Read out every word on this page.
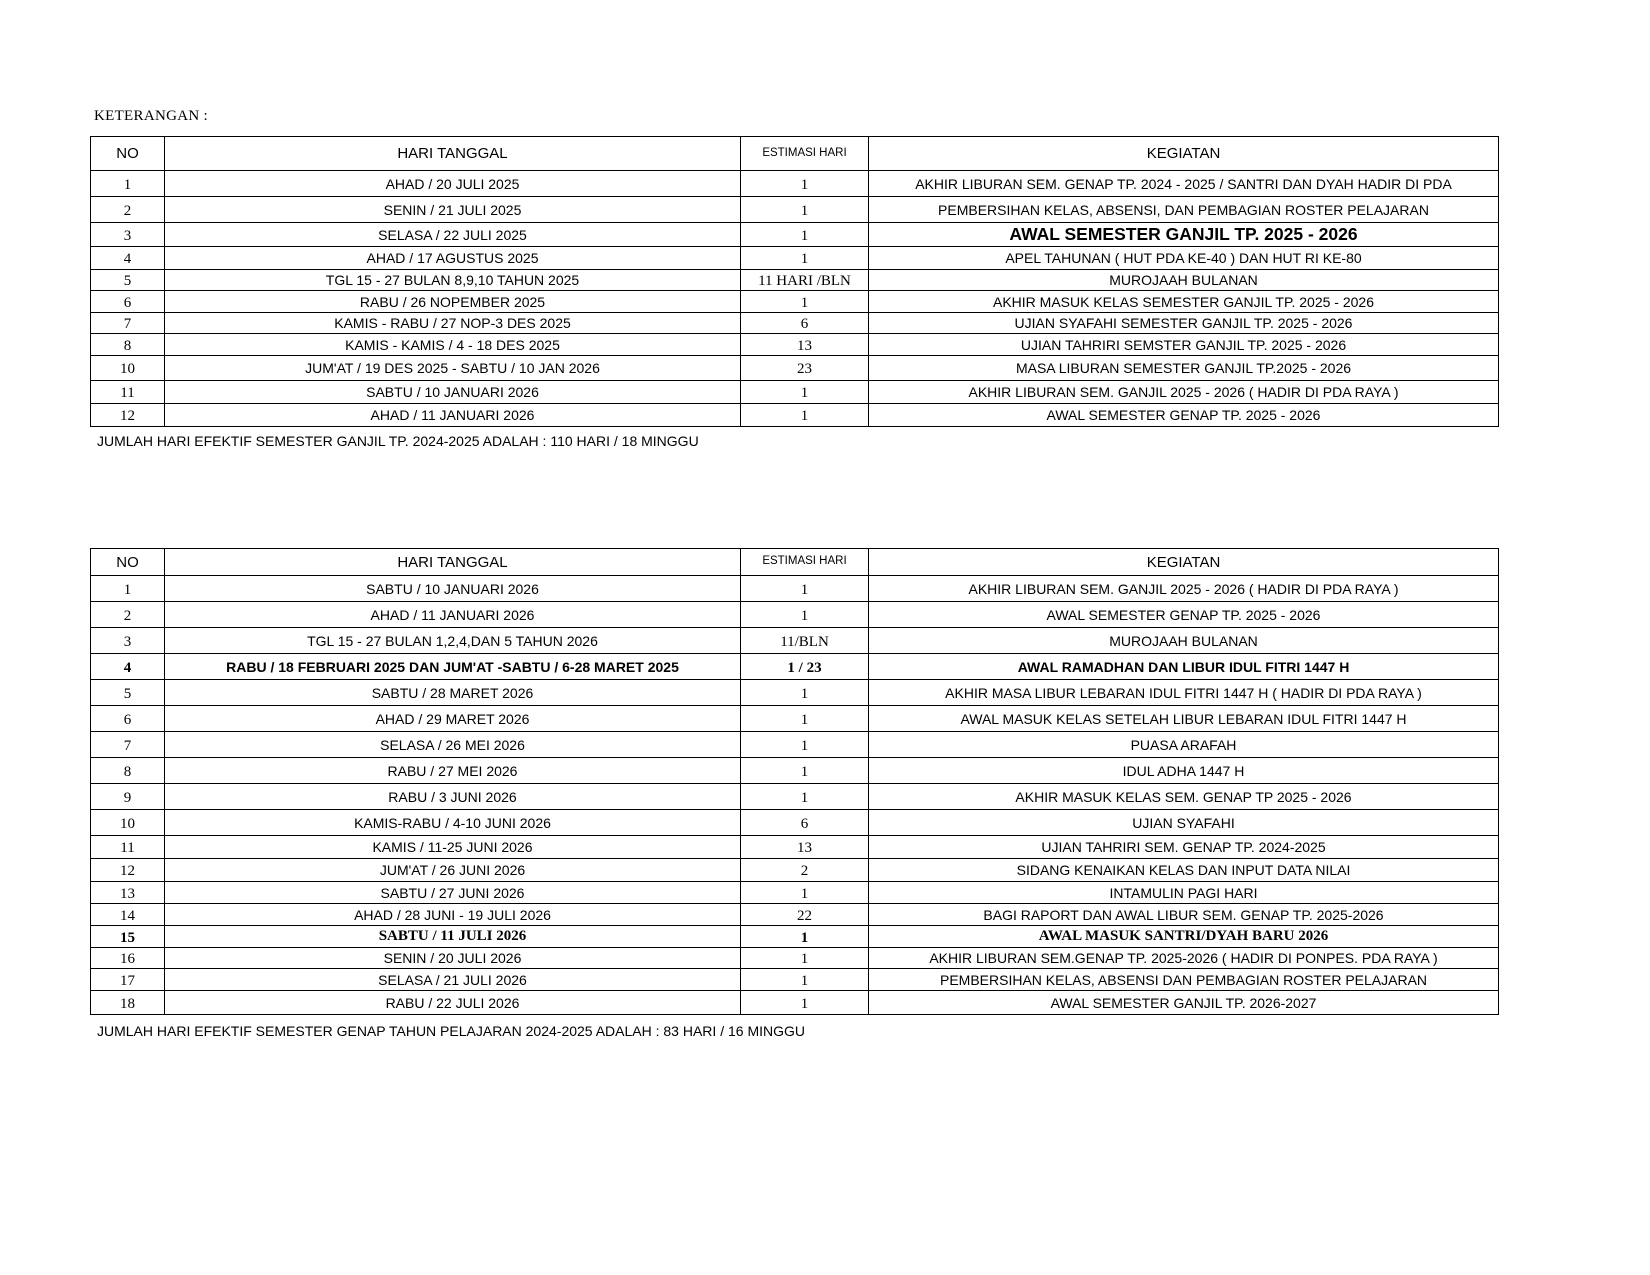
KETERANGAN :
NO	HARI TANGGAL	ESTIMASI HARI	KEGIATAN
1	AHAD / 20 JULI 2025	1	AKHIR LIBURAN SEM. GENAP TP. 2024 - 2025 / SANTRI DAN DYAH HADIR DI PDA
2	SENIN / 21 JULI 2025	1	PEMBERSIHAN KELAS, ABSENSI, DAN PEMBAGIAN ROSTER PELAJARAN
3	SELASA / 22 JULI 2025	1	AWAL SEMESTER GANJIL TP. 2025 - 2026
4	AHAD / 17 AGUSTUS 2025	1	APEL TAHUNAN ( HUT PDA KE-40 ) DAN HUT RI KE-80
5	TGL 15 - 27 BULAN 8,9,10 TAHUN 2025	11 HARI /BLN	MUROJAAH BULANAN
6	RABU / 26 NOPEMBER 2025	1	AKHIR MASUK KELAS SEMESTER GANJIL TP. 2025 - 2026
7	KAMIS - RABU / 27 NOP-3 DES 2025	6	UJIAN SYAFAHI SEMESTER GANJIL TP. 2025 - 2026
8	KAMIS - KAMIS / 4 - 18 DES 2025	13	UJIAN TAHRIRI SEMSTER GANJIL TP. 2025 - 2026
10	JUM'AT / 19 DES 2025 - SABTU / 10 JAN 2026	23	MASA LIBURAN SEMESTER GANJIL TP.2025 - 2026
11	SABTU / 10 JANUARI 2026	1	AKHIR LIBURAN SEM. GANJIL 2025 - 2026 ( HADIR DI PDA RAYA )
12	AHAD / 11 JANUARI 2026	1	AWAL SEMESTER GENAP TP. 2025 - 2026
JUMLAH HARI EFEKTIF SEMESTER GANJIL TP. 2024-2025 ADALAH : 110 HARI / 18 MINGGU
NO	HARI TANGGAL	ESTIMASI HARI	KEGIATAN
1	SABTU / 10 JANUARI 2026	1	AKHIR LIBURAN SEM. GANJIL 2025 - 2026 ( HADIR DI PDA RAYA )
2	AHAD / 11 JANUARI 2026	1	AWAL SEMESTER GENAP TP. 2025 - 2026
3	TGL 15 - 27 BULAN 1,2,4,DAN 5 TAHUN 2026	11/BLN	MUROJAAH BULANAN
4	RABU / 18 FEBRUARI 2025 DAN JUM'AT -SABTU / 6-28 MARET 2025	1 / 23	AWAL RAMADHAN DAN LIBUR IDUL FITRI 1447 H
5	SABTU / 28 MARET 2026	1	AKHIR MASA LIBUR LEBARAN IDUL FITRI 1447 H ( HADIR DI PDA RAYA )
6	AHAD / 29 MARET 2026	1	AWAL MASUK KELAS SETELAH LIBUR LEBARAN IDUL FITRI 1447 H
7	SELASA / 26 MEI 2026	1	PUASA ARAFAH
8	RABU / 27 MEI 2026	1	IDUL ADHA 1447 H
9	RABU / 3 JUNI 2026	1	AKHIR MASUK KELAS SEM. GENAP TP 2025 - 2026
10	KAMIS-RABU / 4-10 JUNI 2026	6	UJIAN SYAFAHI
11	KAMIS / 11-25 JUNI 2026	13	UJIAN TAHRIRI SEM. GENAP TP. 2024-2025
12	JUM'AT / 26 JUNI 2026	2	SIDANG KENAIKAN KELAS DAN INPUT DATA NILAI
13	SABTU / 27 JUNI 2026	1	INTAMULIN PAGI HARI
14	AHAD / 28 JUNI - 19 JULI 2026	22	BAGI RAPORT DAN AWAL LIBUR SEM. GENAP TP. 2025-2026
15	SABTU / 11 JULI 2026	1	AWAL MASUK SANTRI/DYAH BARU 2026
16	SENIN / 20 JULI 2026	1	AKHIR LIBURAN SEM.GENAP TP. 2025-2026 ( HADIR DI PONPES. PDA RAYA )
17	SELASA / 21 JULI 2026	1	PEMBERSIHAN KELAS, ABSENSI DAN PEMBAGIAN ROSTER PELAJARAN
18	RABU / 22 JULI 2026	1	AWAL SEMESTER GANJIL TP. 2026-2027
JUMLAH HARI EFEKTIF SEMESTER GENAP TAHUN PELAJARAN 2024-2025 ADALAH : 83 HARI / 16 MINGGU
